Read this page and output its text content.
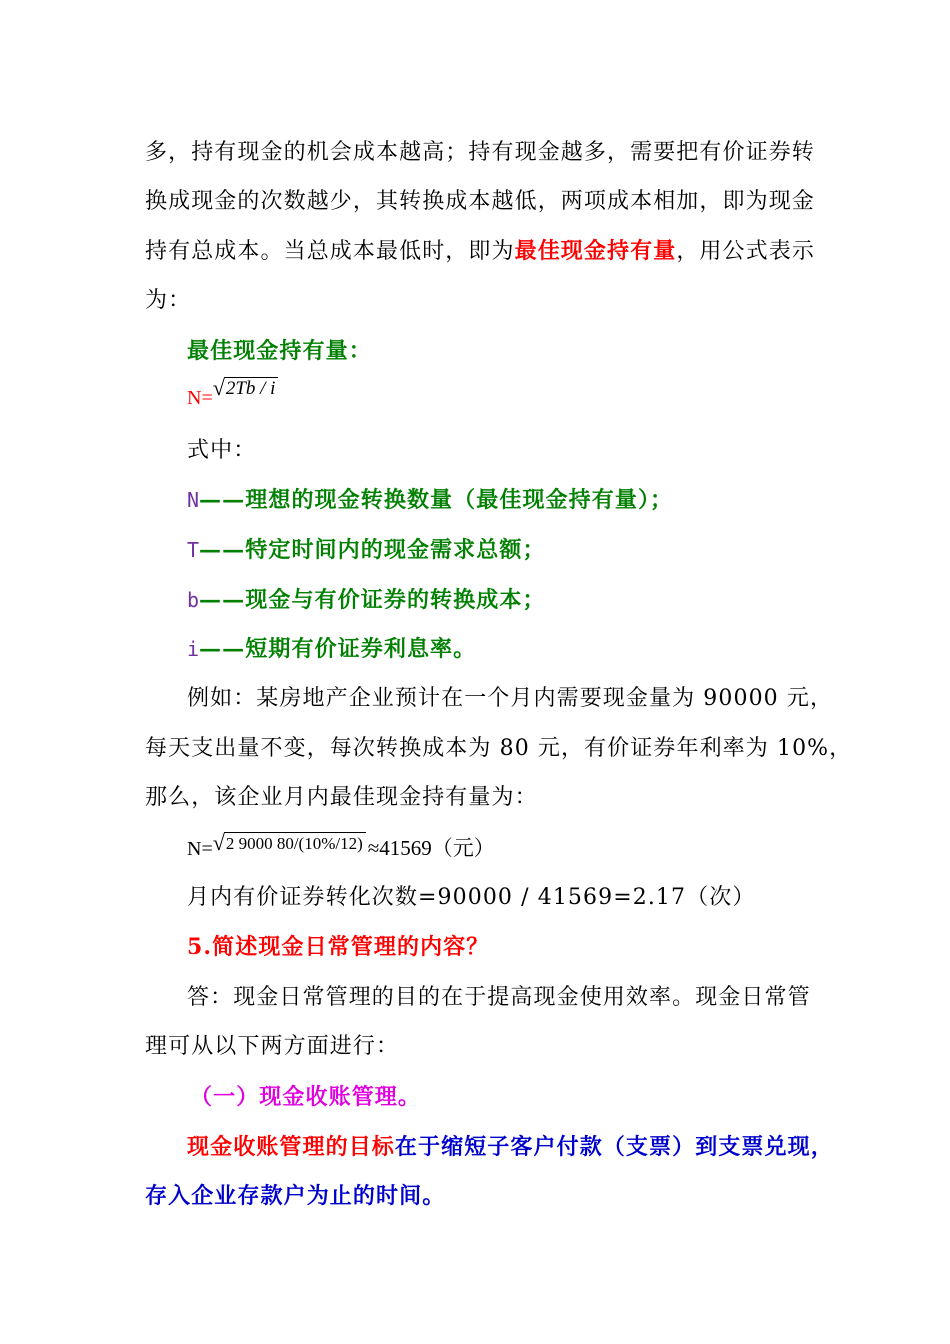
多，持有现金的机会成本越高；持有现金越多，需要把有价证券转
换成现金的次数越少，其转换成本越低，两项成本相加，即为现金
持有总成本。当总成本最低时，即为最佳现金持有量，用公式表示
为：
最佳现金持有量：
N=√2Tb / i
式中：
N——理想的现金转换数量（最佳现金持有量）；
T——特定时间内的现金需求总额；
b——现金与有价证券的转换成本；
i——短期有价证券利息率。
例如：某房地产企业预计在一个月内需要现金量为 90000 元，
每天支出量不变，每次转换成本为 80 元，有价证券年利率为 10%，
那么，该企业月内最佳现金持有量为：
N=√2 9000 80/(10%/12) ≈41569（元）
月内有价证券转化次数=90000 / 41569=2.17（次）
5.简述现金日常管理的内容？
答：现金日常管理的目的在于提高现金使用效率。现金日常管
理可从以下两方面进行：
（一）现金收账管理。
现金收账管理的目标在于缩短子客户付款（支票）到支票兑现，
存入企业存款户为止的时间。
